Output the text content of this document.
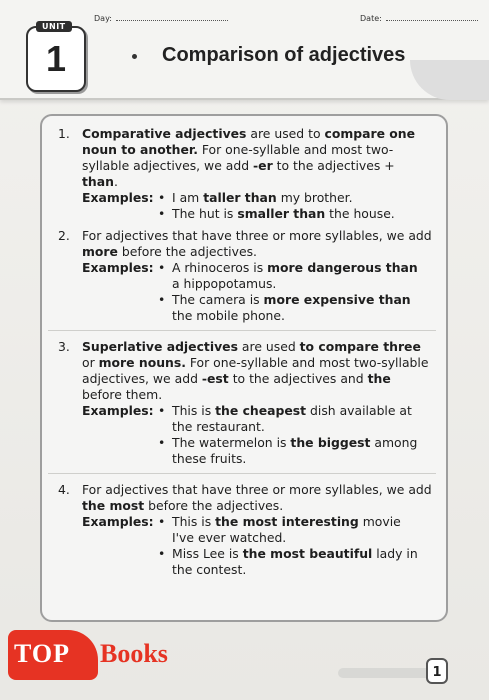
Day:	Date:
UNIT
1	Comparison of adjectives
1. Comparative adjectives are used to compare one noun to another. For one-syllable and most two-syllable adjectives, we add -er to the adjectives + than.
Examples:	• I am taller than my brother.
• The hut is smaller than the house.
2. For adjectives that have three or more syllables, we add more before the adjectives.
Examples:	• A rhinoceros is more dangerous than a hippopotamus.
• The camera is more expensive than the mobile phone.
3. Superlative adjectives are used to compare three or more nouns. For one-syllable and most two-syllable adjectives, we add -est to the adjectives and the before them.
Examples:	• This is the cheapest dish available at the restaurant.
• The watermelon is the biggest among these fruits.
4. For adjectives that have three or more syllables, we add the most before the adjectives.
Examples:	• This is the most interesting movie I've ever watched.
• Miss Lee is the most beautiful lady in the contest.
1
TOP Books
